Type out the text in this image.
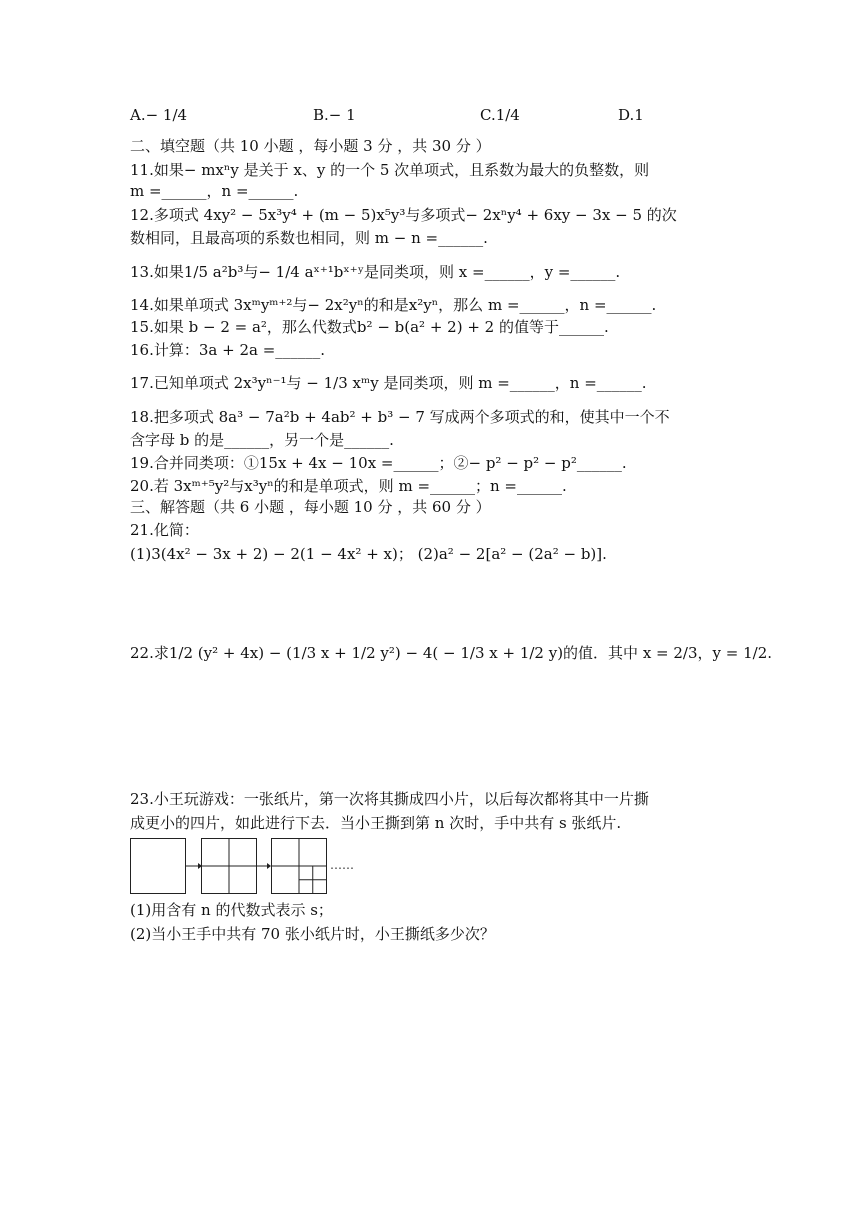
A.− 1/4	B.− 1	C.1/4	D.1
二、填空题（共 10 小题 ，每小题 3 分 ，共 30 分 ）
11.如果− mxⁿy 是关于 x、y 的一个 5 次单项式，且系数为最大的负整数，则
m =______，n =______.
12.多项式 4xy² − 5x³y⁴ + (m − 5)x⁵y³与多项式− 2xⁿy⁴ + 6xy − 3x − 5 的次
数相同，且最高项的系数也相同，则 m − n =______.
13.如果1/5 a²b³与− 1/4 aˣ⁺¹bˣ⁺ʸ是同类项，则 x =______，y =______.
14.如果单项式 3xᵐyᵐ⁺²与− 2x²yⁿ的和是x²yⁿ，那么 m =______，n =______.
15.如果 b − 2 = a²，那么代数式b² − b(a² + 2) + 2 的值等于______.
16.计算：3a + 2a =______.
17.已知单项式 2x³yⁿ⁻¹与 − 1/3 xᵐy 是同类项，则 m =______，n =______.
18.把多项式 8a³ − 7a²b + 4ab² + b³ − 7 写成两个多项式的和，使其中一个不
含字母 b 的是______，另一个是______.
19.合并同类项：①15x + 4x − 10x =______；②− p² − p² − p²______.
20.若 3xᵐ⁺⁵y²与x³yⁿ的和是单项式，则 m =______；n =______.
三、解答题（共 6 小题 ，每小题 10 分 ，共 60 分 ）
21.化简：
(1)3(4x² − 3x + 2) − 2(1 − 4x² + x)； (2)a² − 2[a² − (2a² − b)].
22.求1/2 (y² + 4x) − (1/3 x + 1/2 y²) − 4( − 1/3 x + 1/2 y)的值．其中 x = 2/3，y = 1/2.
23.小王玩游戏：一张纸片，第一次将其撕成四小片，以后每次都将其中一片撕
成更小的四片，如此进行下去．当小王撕到第 n 次时，手中共有 s 张纸片.
……
(1)用含有 n 的代数式表示 s；
(2)当小王手中共有 70 张小纸片时，小王撕纸多少次？
